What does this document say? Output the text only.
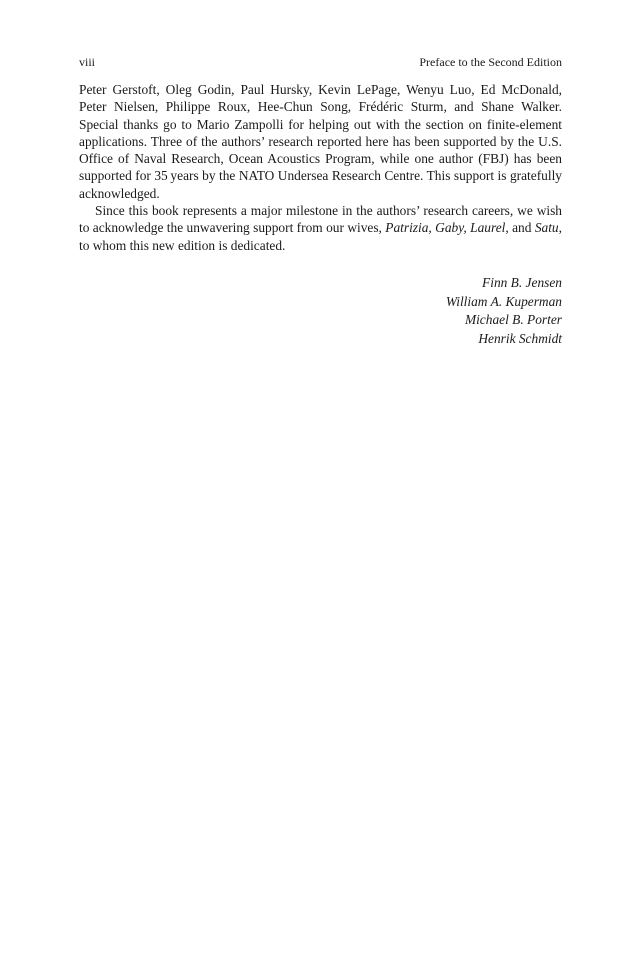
viii	Preface to the Second Edition

Peter Gerstoft, Oleg Godin, Paul Hursky, Kevin LePage, Wenyu Luo, Ed McDonald, Peter Nielsen, Philippe Roux, Hee-Chun Song, Frédéric Sturm, and Shane Walker. Special thanks go to Mario Zampolli for helping out with the section on finite-element applications. Three of the authors’ research reported here has been supported by the U.S. Office of Naval Research, Ocean Acoustics Program, while one author (FBJ) has been supported for 35 years by the NATO Undersea Research Centre. This support is gratefully acknowledged.

Since this book represents a major milestone in the authors’ research careers, we wish to acknowledge the unwavering support from our wives, Patrizia, Gaby, Laurel, and Satu, to whom this new edition is dedicated.

Finn B. Jensen
William A. Kuperman
Michael B. Porter
Henrik Schmidt
